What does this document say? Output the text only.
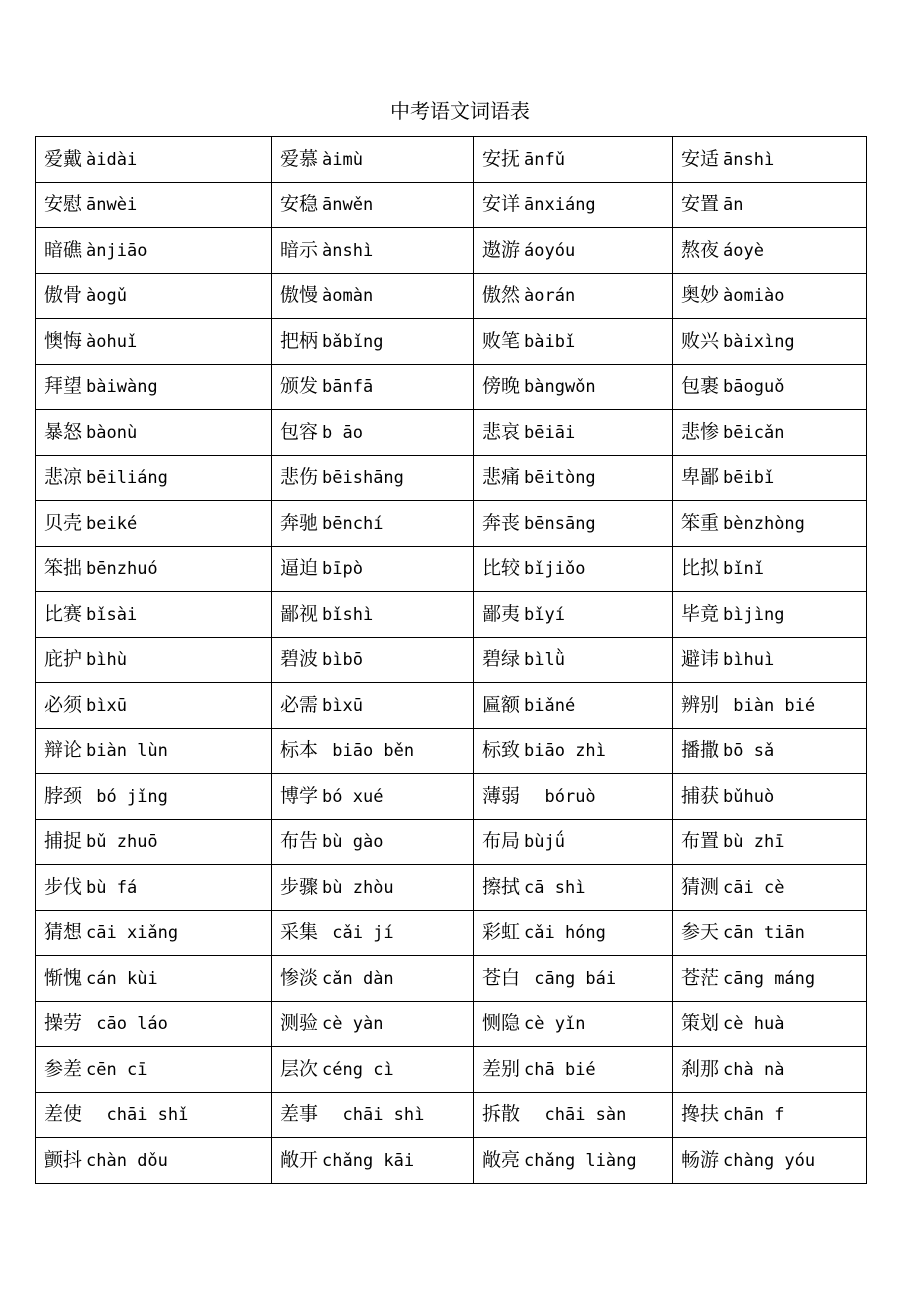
中考语文词语表
爱戴 àidài	爱慕 àimù	安抚 ānfǔ	安适 ānshì
安慰 ānwèi	安稳 ānwěn	安详 ānxiáng	安置 ān
暗礁 ànjiāo	暗示 ànshì	遨游 áoyóu	熬夜 áoyè
傲骨 àogǔ	傲慢 àomàn	傲然 àorán	奥妙 àomiào
懊悔 àohuǐ	把柄 bǎbǐng	败笔 bàibǐ	败兴 bàixìng
拜望 bàiwàng	颁发 bānfā	傍晚 bàngwǒn	包裹 bāoguǒ
暴怒 bàonù	包容 b āo	悲哀 bēiāi	悲惨 bēicǎn
悲凉 bēiliáng	悲伤 bēishāng	悲痛 bēitòng	卑鄙 bēibǐ
贝壳 beiké	奔驰 bēnchí	奔丧 bēnsāng	笨重 bènzhòng
笨拙 bēnzhuó	逼迫 bīpò	比较 bǐjiǒo	比拟 bǐnǐ
比赛 bǐsài	鄙视 bǐshì	鄙夷 bǐyí	毕竟 bìjìng
庇护 bìhù	碧波 bìbō	碧绿 bìlǜ	避讳 bìhuì
必须 bìxū	必需 bìxū	匾额 biǎné	辨别 biàn bié
辩论 biàn lùn	标本 biāo běn	标致 biāo zhì	播撒 bō sǎ
脖颈 bó jǐng	博学 bó xué	薄弱  bóruò	捕获 bǔhuò
捕捉 bǔ zhuō	布告 bù gào	布局 bùjǘ	布置 bù zhī
步伐 bù fá	步骤 bù zhòu	擦拭 cā shì	猜测 cāi cè
猜想 cāi xiǎng	采集 cǎi jí	彩虹 cǎi hóng	参天 cān tiān
惭愧 cán kùi	惨淡 cǎn dàn	苍白 cāng bái	苍茫 cāng máng
操劳 cāo láo	测验 cè yàn	恻隐 cè yǐn	策划 cè huà
参差 cēn cī	层次 céng cì	差别 chā bié	刹那 chà nà
差使  chāi shǐ	差事  chāi shì	拆散  chāi sàn	搀扶 chān f
颤抖 chàn dǒu	敞开 chǎng kāi	敞亮 chǎng liàng	畅游 chàng yóu
